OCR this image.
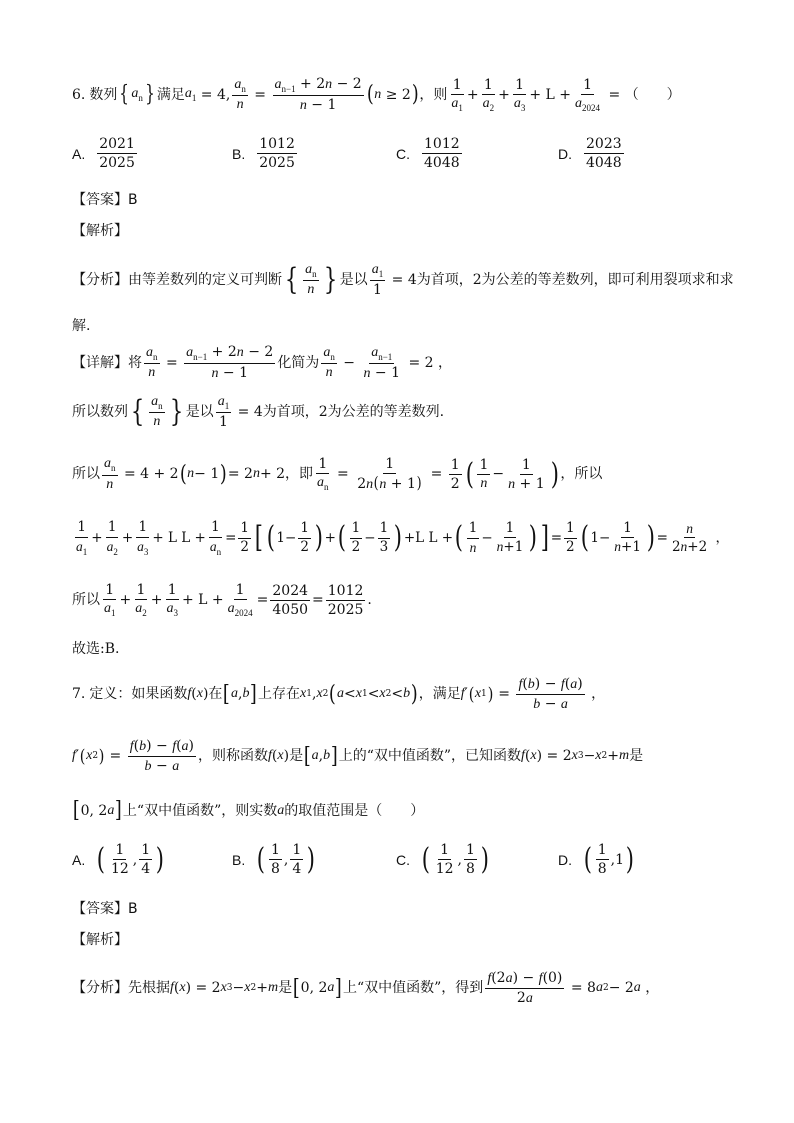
6. 数列 { $a_n$ } 满足 $a_1 = 4$, $\frac{a_n}{n} = \frac{a_{n-1} + 2n - 2}{n - 1}$ ( n ≥ 2 ) ，则 $\frac{1}{a_1} + \frac{1}{a_2} + \frac{1}{a_3} + L + \frac{1}{a_{2024}}$ = （　　）
A. $\frac{2021}{2025}$	B. $\frac{1012}{2025}$	C. $\frac{1012}{4048}$	D. $\frac{2023}{4048}$
【答案】 B
【解析】
【分析】 由等差数列的定义可判断 { $\frac{a_n}{n}$ } 是以 $\frac{a_1}{1} = 4$ 为首项，2为公差的等差数列，即可利用裂项求和求
解.
【详解】 将 $\frac{a_n}{n} = \frac{a_{n-1} + 2n - 2}{n - 1}$ 化简为 $\frac{a_n}{n} - \frac{a_{n-1}}{n - 1} = 2$ ，
所以数列 { $\frac{a_n}{n}$ } 是以 $\frac{a_1}{1} = 4$ 为首项，2为公差的等差数列.
所以 $\frac{a_n}{n} = 4 + 2$ ( n − 1 ) = 2 n + 2 ，即 $\frac{1}{a_n} = \frac{1}{2n(n + 1)} = \frac{1}{2}$ ( $\frac{1}{n} - \frac{1}{n + 1}$ ) ，所以
$\frac{1}{a_1} + \frac{1}{a_2} + \frac{1}{a_3} + L$ $L + \frac{1}{a_n} = \frac{1}{2}$ [ ( $1- \frac{1}{2}$ ) + ( $\frac{1}{2} - \frac{1}{3}$ ) +L L + ( $\frac{1}{n} - \frac{1}{n+1}$ ) ] = $\frac{1}{2}$ ( $1- \frac{1}{n+1}$ ) = $\frac{n}{2n+2}$ ，
所以 $\frac{1}{a_1} + \frac{1}{a_2} + \frac{1}{a_3} + L + \frac{1}{a_{2024}} = \frac{2024}{4050} = \frac{1012}{2025}$ .
故选:B.
7. 定义：如果函数 f ( x ) 在 [ a , b ] 上存在 x 1 , x 2 ( a < x 1 < x 2 < b ) ，满足 f ′ ( x 1 ) = $\frac{f(b) - f(a)}{b - a}$ ，
f ′ ( x 2 ) = $\frac{f(b) - f(a)}{b - a}$ ，则称函数 f ( x ) 是 [ a , b ] 上的“双中值函数”，已知函数 f ( x ) = 2 x 3 − x 2 + m 是
[ 0, 2 a ] 上“双中值函数”，则实数 a 的取值范围是（　　）
A. ( $\frac{1}{12}$ , $\frac{1}{4}$ )	B. ( $\frac{1}{8}$ , $\frac{1}{4}$ )	C. ( $\frac{1}{12}$ , $\frac{1}{8}$ )	D. ( $\frac{1}{8}$ , 1 )
【答案】 B
【解析】
【分析】 先根据 f ( x ) = 2 x 3 − x 2 + m 是 [ 0, 2 a ] 上“双中值函数”，得到 $\frac{f(2a) - f(0)}{2a} = 8$ a 2 − 2 a ，
